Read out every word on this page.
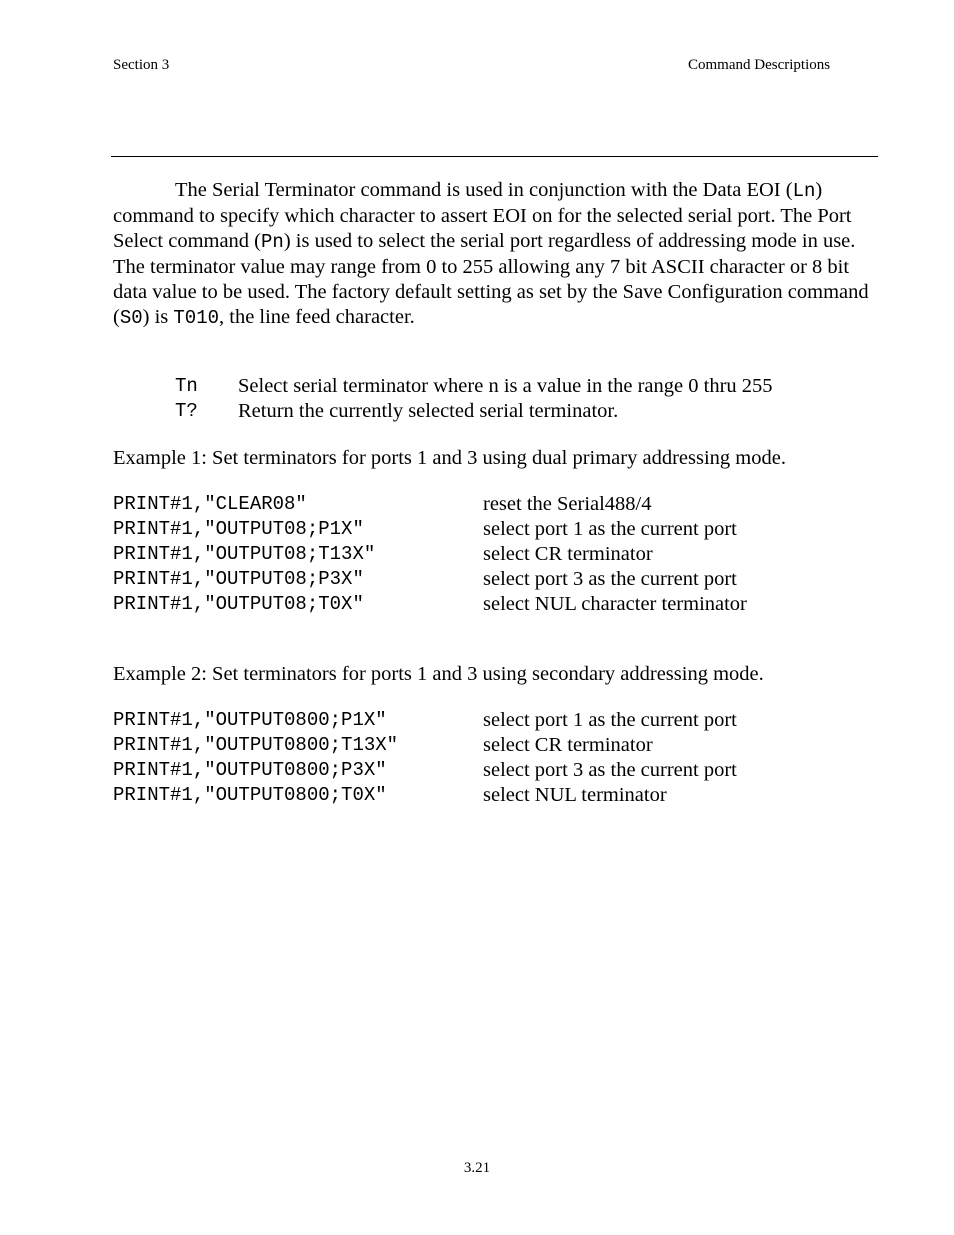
Section 3	Command Descriptions

The Serial Terminator command is used in conjunction with the Data EOI (Ln) command to specify which character to assert EOI on for the selected serial port. The Port Select command (Pn) is used to select the serial port regardless of addressing mode in use. The terminator value may range from 0 to 255 allowing any 7 bit ASCII character or 8 bit data value to be used. The factory default setting as set by the Save Configuration command (S0) is T010, the line feed character.

Tn Select serial terminator where n is a value in the range 0 thru 255
T? Return the currently selected serial terminator.
Example 1: Set terminators for ports 1 and 3 using dual primary addressing mode.
PRINT#1,"CLEAR08"	reset the Serial488/4
PRINT#1,"OUTPUT08;P1X"	select port 1 as the current port
PRINT#1,"OUTPUT08;T13X"	select CR terminator
PRINT#1,"OUTPUT08;P3X"	select port 3 as the current port
PRINT#1,"OUTPUT08;T0X"	select NUL character terminator
Example 2: Set terminators for ports 1 and 3 using secondary addressing mode.
PRINT#1,"OUTPUT0800;P1X"	select port 1 as the current port
PRINT#1,"OUTPUT0800;T13X"	select CR terminator
PRINT#1,"OUTPUT0800;P3X"	select port 3 as the current port
PRINT#1,"OUTPUT0800;T0X"	select NUL terminator
3.21
